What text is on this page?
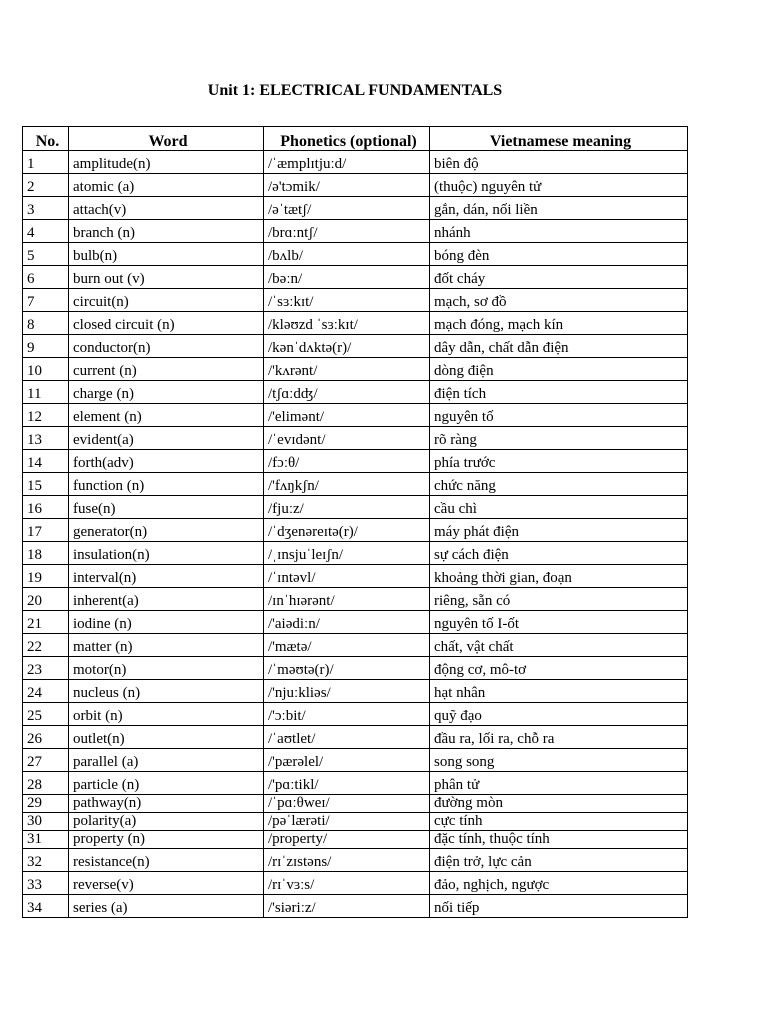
Unit 1: ELECTRICAL FUNDAMENTALS
No.	Word	Phonetics (optional)	Vietnamese meaning
1	amplitude(n)	/ˈæmplɪtjuːd/	biên độ
2	atomic (a)	/ə'tɔmik/	(thuộc) nguyên tử
3	attach(v)	/əˈtætʃ/	gắn, dán, nối liền
4	branch (n)	/brɑːntʃ/	nhánh
5	bulb(n)	/bʌlb/	bóng đèn
6	burn out (v)	/bəːn/	đốt cháy
7	circuit(n)	/ˈsɜːkɪt/	mạch, sơ đồ
8	closed circuit (n)	/kləʊzd ˈsɜːkɪt/	mạch đóng, mạch kín
9	conductor(n)	/kənˈdʌktə(r)/	dây dẫn, chất dẫn điện
10	current (n)	/'kʌrənt/	dòng điện
11	charge (n)	/tʃɑːdʤ/	điện tích
12	element (n)	/'elimənt/	nguyên tố
13	evident(a)	/ˈevɪdənt/	rõ ràng
14	forth(adv)	/fɔːθ/	phía trước
15	function (n)	/'fʌŋkʃn/	chức năng
16	fuse(n)	/fjuːz/	cầu chì
17	generator(n)	/ˈdʒenəreɪtə(r)/	máy phát điện
18	insulation(n)	/ˌɪnsjuˈleɪʃn/	sự cách điện
19	interval(n)	/ˈɪntəvl/	khoảng thời gian, đoạn
20	inherent(a)	/ɪnˈhɪərənt/	riêng, sẵn có
21	iodine (n)	/'aiədiːn/	nguyên tố I-ốt
22	matter (n)	/'mætə/	chất, vật chất
23	motor(n)	/ˈməʊtə(r)/	động cơ, mô-tơ
24	nucleus (n)	/'njuːkliəs/	hạt nhân
25	orbit (n)	/'ɔːbit/	quỹ đạo
26	outlet(n)	/ˈaʊtlet/	đầu ra, lối ra, chỗ ra
27	parallel (a)	/'pærəlel/	song song
28	particle (n)	/'pɑːtikl/	phân tử
29	pathway(n)	/ˈpɑːθweɪ/	đường mòn
30	polarity(a)	/pəˈlærəti/	cực tính
31	property (n)	/property/	đặc tính, thuộc tính
32	resistance(n)	/rɪˈzɪstəns/	điện trở, lực cản
33	reverse(v)	/rɪˈvɜːs/	đảo, nghịch, ngược
34	series (a)	/'siəriːz/	nối tiếp
